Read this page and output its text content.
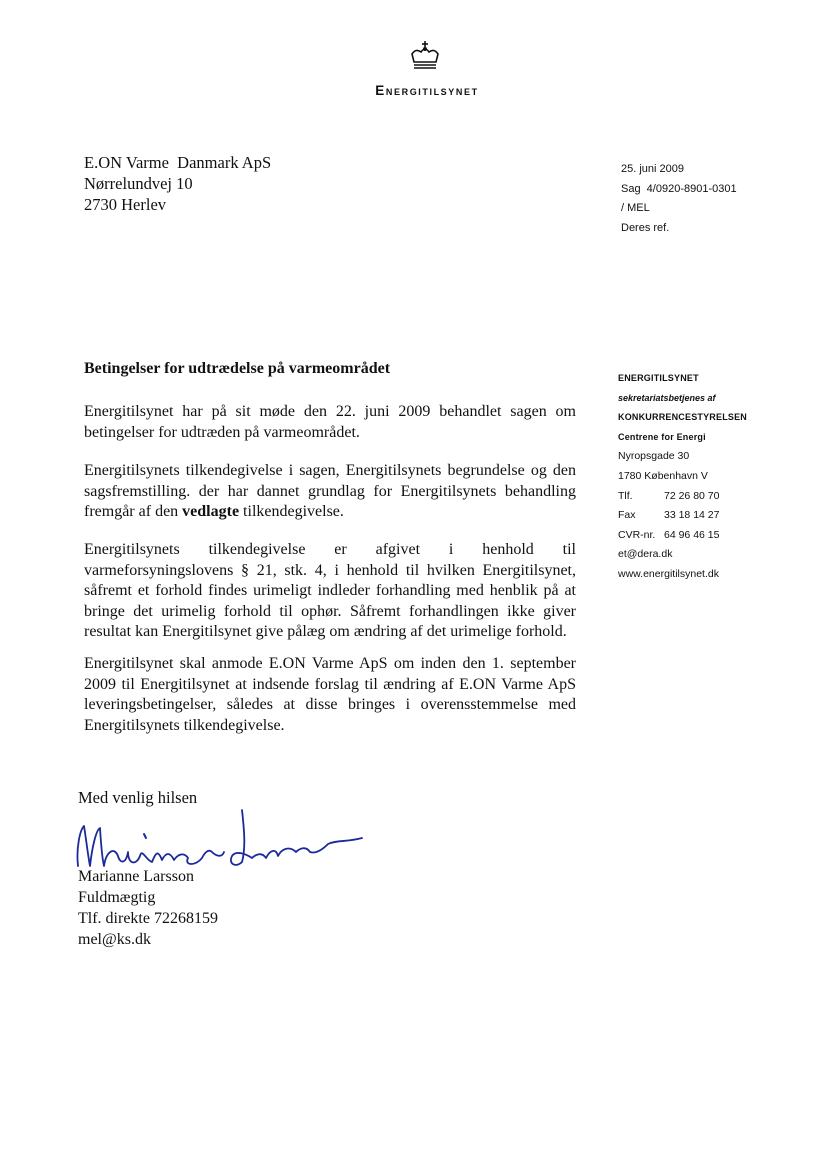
Energitilsynet
E.ON Varme  Danmark ApS
Nørrelundvej 10
2730 Herlev
25. juni 2009
Sag  4/0920-8901-0301
/ MEL
Deres ref.
Betingelser for udtrædelse på varmeområdet

Energitilsynet har på sit møde den 22. juni 2009 behandlet sagen om betingelser for udtræden på varmeområdet.

Energitilsynets tilkendegivelse i sagen, Energitilsynets begrundelse og den sagsfremstilling. der har dannet grundlag for Energitilsynets behandling fremgår af den vedlagte tilkendegivelse.

Energitilsynets tilkendegivelse er afgivet i henhold til varmeforsyningslovens § 21, stk. 4, i henhold til hvilken Energitilsynet, såfremt et forhold findes urimeligt indleder forhandling med henblik på at bringe det urimelig forhold til ophør. Såfremt forhandlingen ikke giver resultat kan Energitilsynet give pålæg om ændring af det urimelige forhold.

Energitilsynet skal anmode E.ON Varme ApS om inden den 1. september 2009 til Energitilsynet at indsende forslag til ændring af E.ON Varme ApS leveringsbetingelser, således at disse bringes i overensstemmelse med Energitilsynets tilkendegivelse.

ENERGITILSYNET
sekretariatsbetjenes af
KONKURRENCESTYRELSEN
Centrene for Energi
Nyropsgade 30
1780 København V
Tlf.	72 26 80 70
Fax	33 18 14 27
CVR-nr. 64 96 46 15
et@dera.dk
www.energitilsynet.dk
Med venlig hilsen
Marianne Larsson
Fuldmægtig
Tlf. direkte 72268159
mel@ks.dk
